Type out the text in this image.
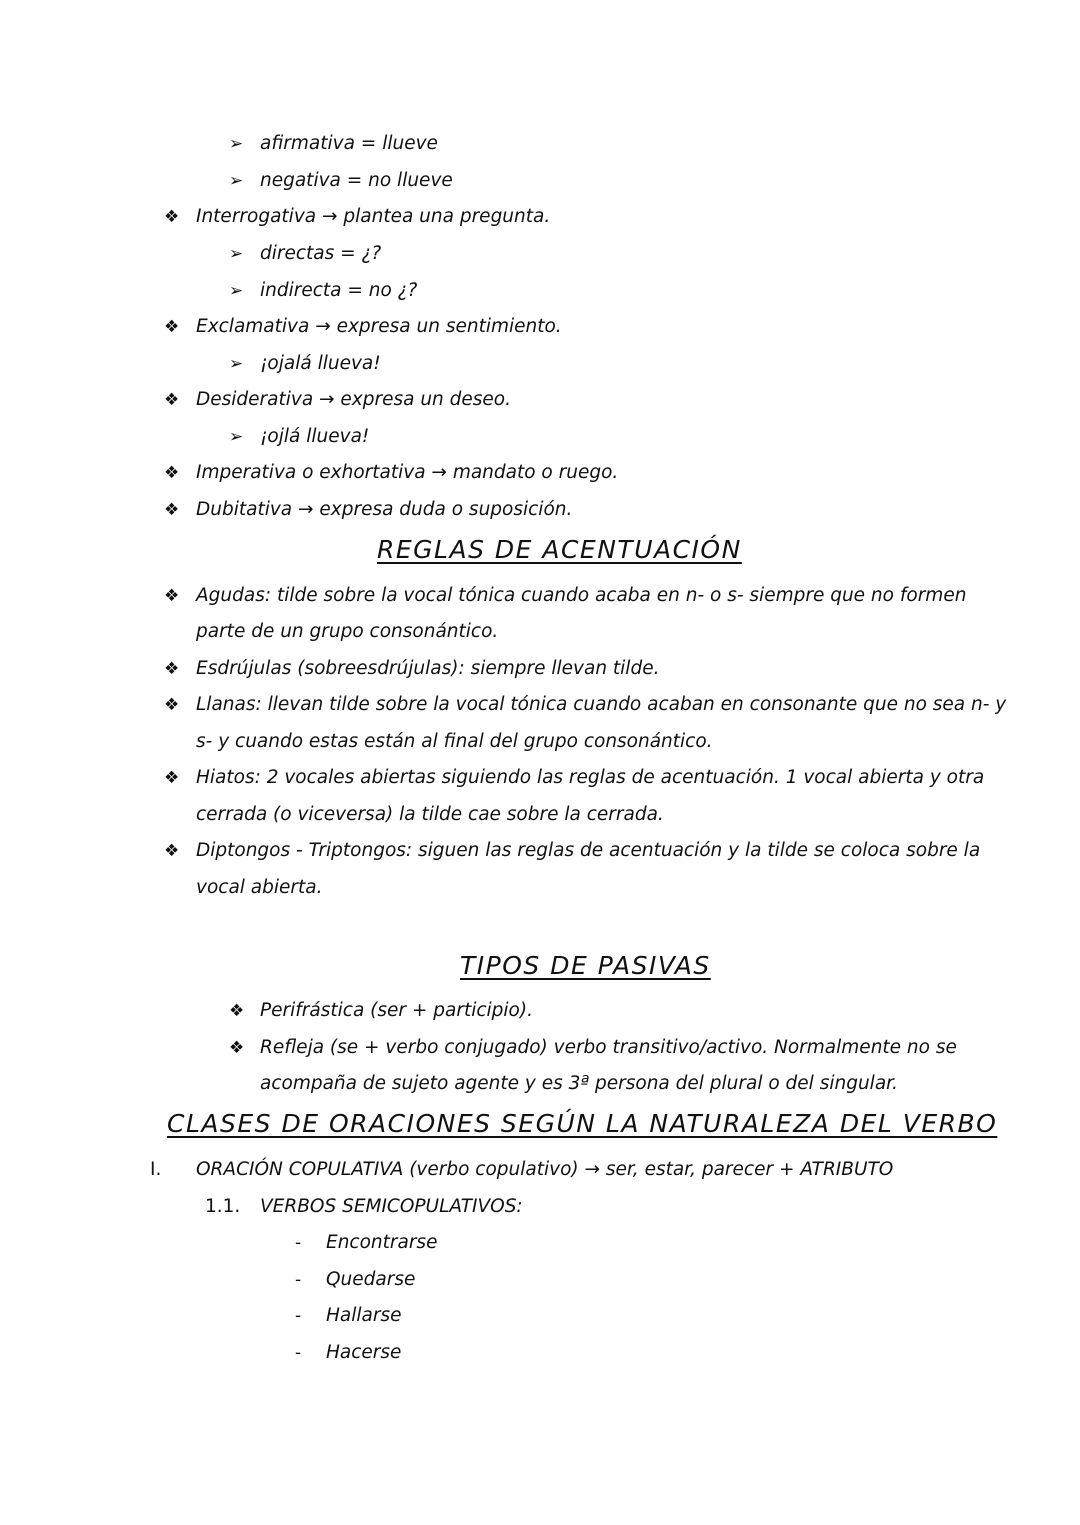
➢ afirmativa = llueve
➢ negativa = no llueve
❖ Interrogativa → plantea una pregunta.
➢ directas = ¿?
➢ indirecta = no ¿?
❖ Exclamativa → expresa un sentimiento.
➢ ¡ojalá llueva!
❖ Desiderativa → expresa un deseo.
➢ ¡ojlá llueva!
❖ Imperativa o exhortativa → mandato o ruego.
❖ Dubitativa → expresa duda o suposición.
REGLAS DE ACENTUACIÓN
❖ Agudas: tilde sobre la vocal tónica cuando acaba en n- o s- siempre que no formen
parte de un grupo consonántico.
❖ Esdrújulas (sobreesdrújulas): siempre llevan tilde.
❖ Llanas: llevan tilde sobre la vocal tónica cuando acaban en consonante que no sea n- y
s- y cuando estas están al final del grupo consonántico.
❖ Hiatos: 2 vocales abiertas siguiendo las reglas de acentuación. 1 vocal abierta y otra
cerrada (o viceversa) la tilde cae sobre la cerrada.
❖ Diptongos - Triptongos: siguen las reglas de acentuación y la tilde se coloca sobre la
vocal abierta.
TIPOS DE PASIVAS
❖ Perifrástica (ser + participio).
❖ Refleja (se + verbo conjugado) verbo transitivo/activo. Normalmente no se
acompaña de sujeto agente y es 3ª persona del plural o del singular.
CLASES DE ORACIONES SEGÚN LA NATURALEZA DEL VERBO
I. ORACIÓN COPULATIVA (verbo copulativo) → ser, estar, parecer + ATRIBUTO
1.1. VERBOS SEMICOPULATIVOS:
- Encontrarse
- Quedarse
- Hallarse
- Hacerse
